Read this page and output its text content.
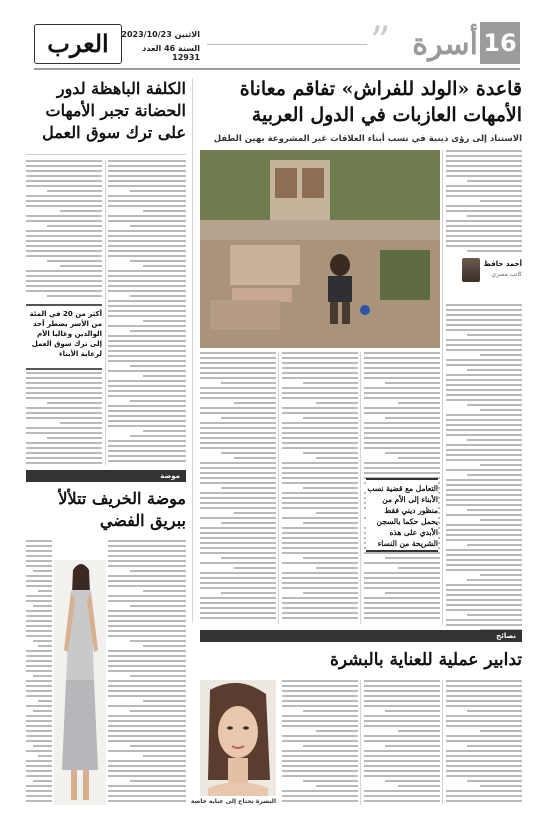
العرب	الاثنين 2023/10/23
السنة 46 العدد 12931	” أسرة 16
قاعدة «الولد للفراش» تفاقم معاناة
الأمهات العازبات في الدول العربية
الاستناد إلى رؤى دينية في نسب أبناء العلاقات غير المشروعة يهين الطفل
الكلفة الباهظة لدور الحضانة تجبر الأمهات على ترك سوق العمل
أكثر من 20 في المئة من الأسر يضطر أحد الوالدين وغالبا الأم إلى ترك سوق العمل لرعاية الأبناء
أحمد حافظ
كاتب مصري
التعامل مع قضية نسب الأبناء إلى الأم من منظور ديني فقط يحمل حكما بالسجن الأبدي على هذه الشريحة من النساء
موضة
موضة الخريف تتلألأ ببريق الفضي
نصائح
تدابير عملية للعناية بالبشرة
البشرة تحتاج إلى عناية خاصة
